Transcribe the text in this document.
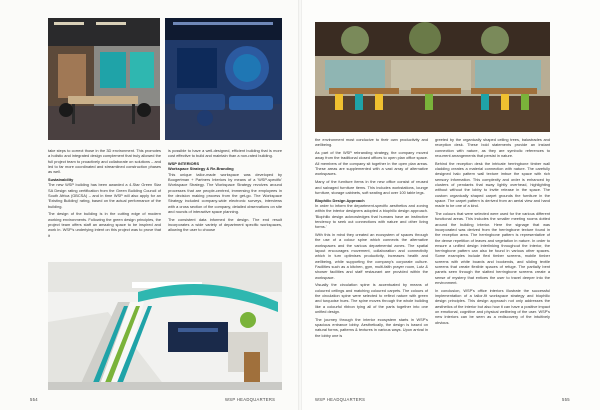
take steps to correct those in the 3D environment. This promotes a holistic and integrated design complement that truly allowed the full project team to proactively and collaborate on solutions – and led to far more coordinated and streamlined construction phases as well.

Sustainability

The new WSP building has been awarded a 4-Star Green Star SA Design rating certification from the Green Building Council of South Africa (GBCSA) – and in time WSP will also apply for an 'Existing Building' rating, based on the actual performance of the building.

The design of the building is in the cutting edge of modern working environments. Following the green design principles, the project team offers staff an amazing space to be inspired and work in. WSP's underlying intent on this project was to prove that it

is possible to have a well-designed, efficient building that is more cost effective to build and maintain than a non-rated building.

WSP INTERIORS

Workspace Strategy & Re-Branding

This unique tailor-made workspace was developed by Boogertman + Partners Interiors by means of a 'WSP-specific' Workspace Strategy. The Workspace Strategy revolves around processes that are people-centred, immersing the employees in the decision making process from the get-go. The Workspace Strategy included company-wide electronic surveys, interviews with a cross section of the company, detailed observations on site and rounds of interactive space planning.

The consistent data informed the design. The end result incorporates a wide variety of department specific workspaces, allowing the user to choose

554	WSP HEADQUARTERS

the environment most conducive to their own productivity and wellbeing.

As part of the WSP rebranding strategy, the company moved away from the traditional closed offices to open plan office space. All members of the company sit together in the open plan areas. These areas are supplemented with a vast array of alternative workspaces.

Many of the furniture items in the new office consist of reused and salvaged furniture items. This includes workstations, lounge furniture, storage cabinets, soft seating and over 100 table legs.

Biophilic Design Approach

In order to inform the department-specific aesthetics and zoning within the interior designers adopted a biophilic design approach. 'Biophilic design acknowledges that humans have an instinctive tendency to seek out connections with nature and other living forms.'

With this in mind they created an ecosystem of spaces through the use of a colour spine which connects the alternative workspaces and the various departmental zones. The spatial layout encourages movement, collaboration and connectivity which in turn optimises productivity, increases health and wellbeing, while supporting the company's corporate culture. Facilities such as a kitchen, gym, multi-faith prayer room, Lutz & shower facilities and staff restaurant are provided within the workspace.

Visually the circulation spine is accentuated by means of coloured ceilings and matching coloured carpets. The colours of the circulation spine were selected to reflect nature with green and turquoise hues. The spine moves through the whole building like a colourful ribbon tying all of the parts together into one unified design.

The journey through the interior ecosystem starts in WSP's spacious entrance lobby. Aesthetically, the design is based on natural forms, patterns & textures in various ways. Upon arrival in the lobby one is

greeted by the organically shaped ceiling trees, balustrades and reception desk. These bold statements provide an instant connection with nature, as they are symbolic references to recurrent arrangements that persist in nature.

Behind the reception desk the intricate herringbone timber wall cladding creates a material connection with nature. The carefully designed halo pattern wall texture imbue the space with rich sensory information. This complexity and order is enhanced by clusters of pendants that sway lightly overhead, highlighting without without the lobby to invite release in the space. The custom organically shaped carpet grounds the furniture in the space. The carpet pattern is derived from an aerial view and hand made to be one of a kind.

The colours that were selected were used for the various different functional areas. This includes the smaller meeting rooms dotted around the building interior. Here the signage that was incorporated was derived from the herringbone texture found in the reception area. The herringbone pattern is representative of the dense repetition of leaves and vegetation in nature. In order to ensure a unified design interlinking throughout the interior, the herringbone pattern can also be found in various other spaces. Some examples include flexi timber screens, mobile timber screens with white boards and bookends, and sliding textile screens that create flexible spaces of refuge. The partially bent panels seen through the slatted herringbone screens create a sense of mystery that entices the user to travel deeper into the environment.

In conclusion, WSP's office interiors illustrate the successful implementation of a tailor-fit workspace strategy and biophilic design principles. This design approach not only addresses the aesthetics of the interior but also how it can have a positive impact on emotional, cognitive and physical wellbeing of the user. WSP's new interiors can be seen as a rediscovery of the intuitively obvious.

WSP HEADQUARTERS	555
